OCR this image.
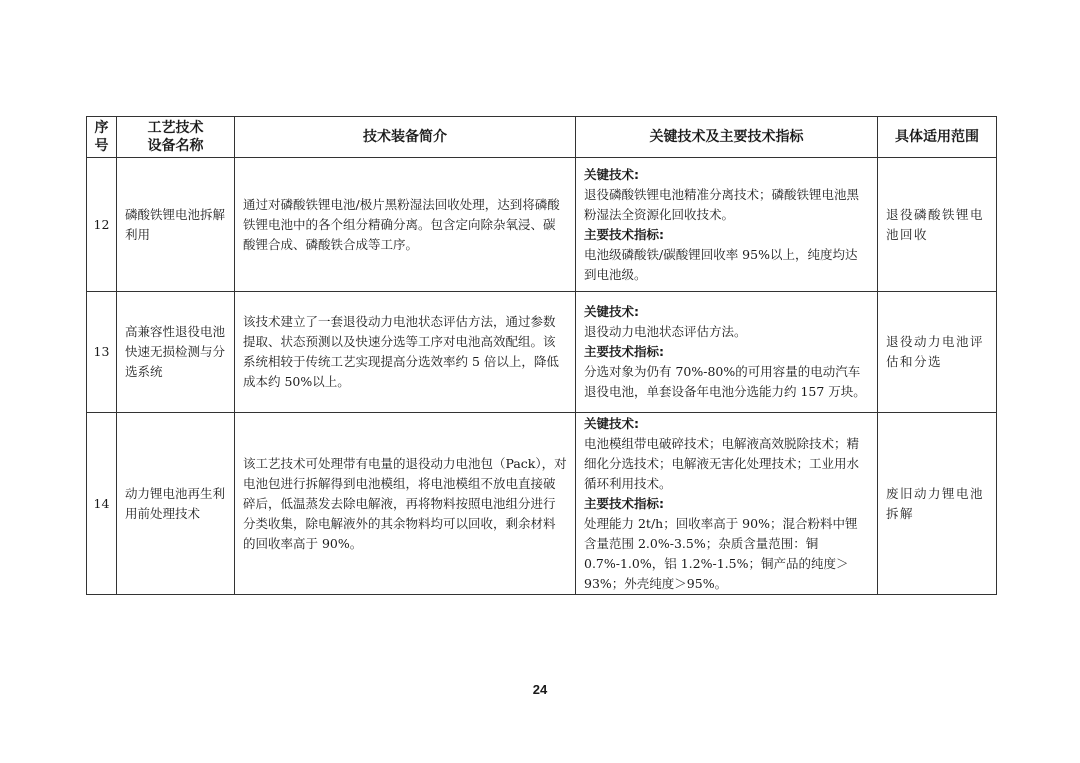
序
号	工艺技术
设备名称	技术装备简介	关键技术及主要技术指标	具体适用范围
12	磷酸铁锂电池拆解利用	通过对磷酸铁锂电池/极片黑粉湿法回收处理，达到将磷酸铁锂电池中的各个组分精确分离。包含定向除杂氧浸、碳酸锂合成、磷酸铁合成等工序。	关键技术:
退役磷酸铁锂电池精准分离技术；磷酸铁锂电池黑粉湿法全资源化回收技术。
主要技术指标:
电池级磷酸铁/碳酸锂回收率 95%以上，纯度均达到电池级。	退役磷酸铁锂电池回收
13	高兼容性退役电池快速无损检测与分选系统	该技术建立了一套退役动力电池状态评估方法，通过参数提取、状态预测以及快速分选等工序对电池高效配组。该系统相较于传统工艺实现提高分选效率约 5 倍以上，降低成本约 50%以上。	关键技术:
退役动力电池状态评估方法。
主要技术指标:
分选对象为仍有 70%-80%的可用容量的电动汽车退役电池，单套设备年电池分选能力约 157 万块。	退役动力电池评估和分选
14	动力锂电池再生利用前处理技术	该工艺技术可处理带有电量的退役动力电池包（Pack），对电池包进行拆解得到电池模组，将电池模组不放电直接破碎后，低温蒸发去除电解液，再将物料按照电池组分进行分类收集，除电解液外的其余物料均可以回收，剩余材料的回收率高于 90%。	关键技术:
电池模组带电破碎技术；电解液高效脱除技术；精细化分选技术；电解液无害化处理技术；工业用水循环利用技术。
主要技术指标:
处理能力 2t/h；回收率高于 90%；混合粉料中锂含量范围 2.0%-3.5%；杂质含量范围：铜 0.7%-1.0%，铝 1.2%-1.5%；铜产品的纯度＞93%；外壳纯度＞95%。	废旧动力锂电池拆解
24
